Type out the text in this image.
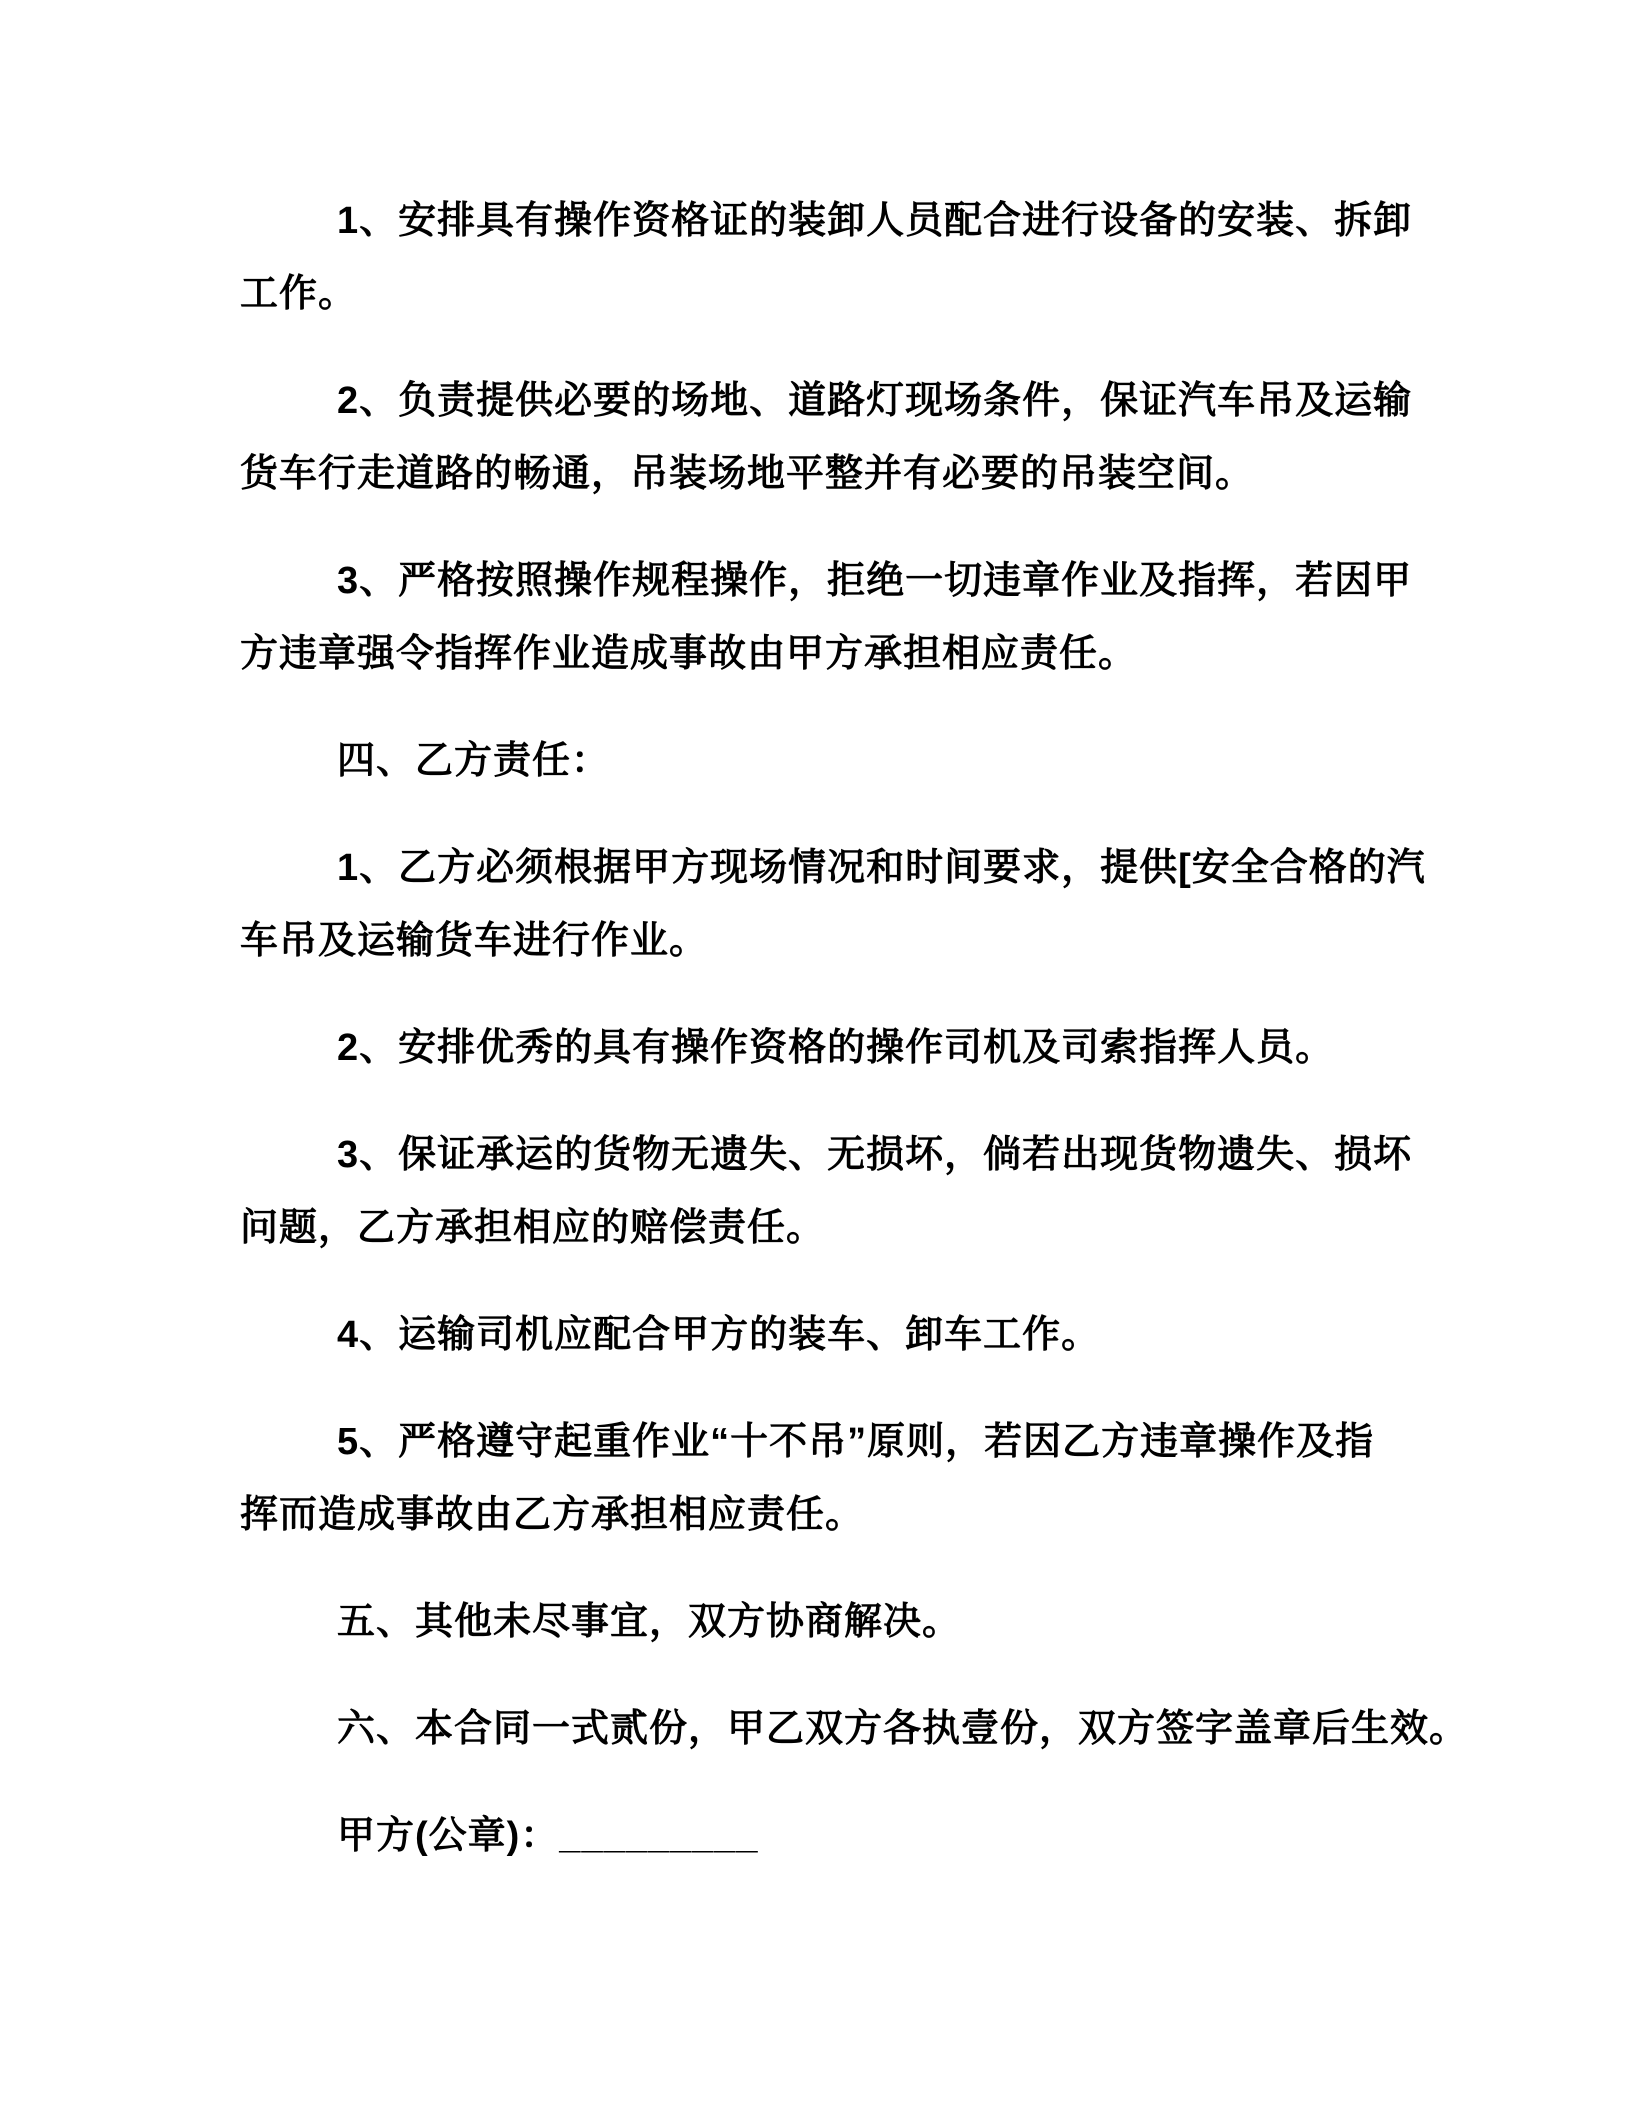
1、安排具有操作资格证的装卸人员配合进行设备的安装、拆卸
工作。
2、负责提供必要的场地、道路灯现场条件，保证汽车吊及运输
货车行走道路的畅通，吊装场地平整并有必要的吊装空间。
3、严格按照操作规程操作，拒绝一切违章作业及指挥，若因甲
方违章强令指挥作业造成事故由甲方承担相应责任。
四、乙方责任：
1、乙方必须根据甲方现场情况和时间要求，提供[安全合格的汽
车吊及运输货车进行作业。
2、安排优秀的具有操作资格的操作司机及司索指挥人员。
3、保证承运的货物无遗失、无损坏，倘若出现货物遗失、损坏
问题，乙方承担相应的赔偿责任。
4、运输司机应配合甲方的装车、卸车工作。
5、严格遵守起重作业“十不吊”原则，若因乙方违章操作及指
挥而造成事故由乙方承担相应责任。
五、其他未尽事宜，双方协商解决。
六、本合同一式贰份，甲乙双方各执壹份，双方签字盖章后生效。
甲方(公章)：_________
